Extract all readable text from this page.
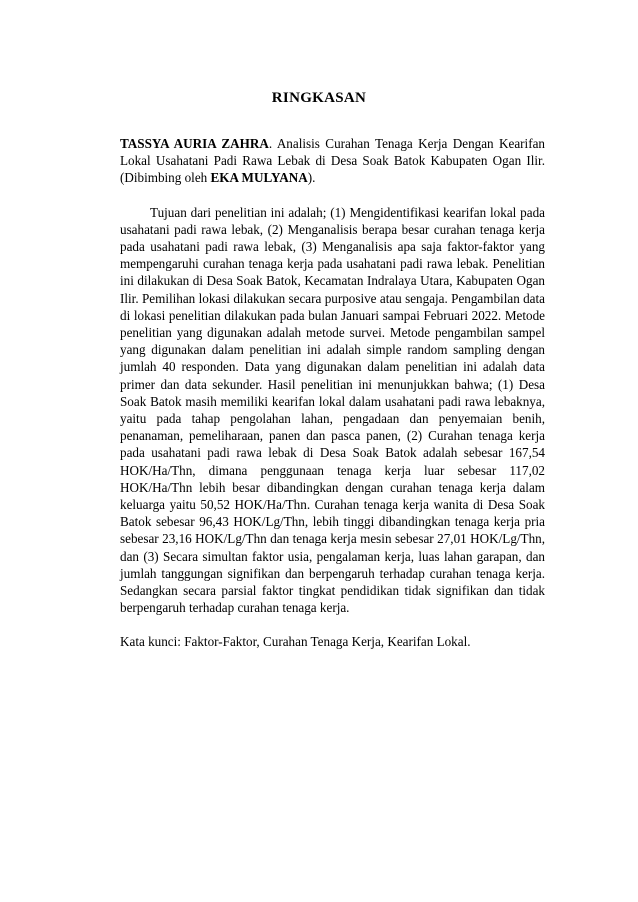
RINGKASAN

TASSYA AURIA ZAHRA. Analisis Curahan Tenaga Kerja Dengan Kearifan Lokal Usahatani Padi Rawa Lebak di Desa Soak Batok Kabupaten Ogan Ilir. (Dibimbing oleh EKA MULYANA).

Tujuan dari penelitian ini adalah; (1) Mengidentifikasi kearifan lokal pada usahatani padi rawa lebak, (2) Menganalisis berapa besar curahan tenaga kerja pada usahatani padi rawa lebak, (3) Menganalisis apa saja faktor-faktor yang mempengaruhi curahan tenaga kerja pada usahatani padi rawa lebak. Penelitian ini dilakukan di Desa Soak Batok, Kecamatan Indralaya Utara, Kabupaten Ogan Ilir. Pemilihan lokasi dilakukan secara purposive atau sengaja. Pengambilan data di lokasi penelitian dilakukan pada bulan Januari sampai Februari 2022. Metode penelitian yang digunakan adalah metode survei. Metode pengambilan sampel yang digunakan dalam penelitian ini adalah simple random sampling dengan jumlah 40 responden. Data yang digunakan dalam penelitian ini adalah data primer dan data sekunder. Hasil penelitian ini menunjukkan bahwa; (1) Desa Soak Batok masih memiliki kearifan lokal dalam usahatani padi rawa lebaknya, yaitu pada tahap pengolahan lahan, pengadaan dan penyemaian benih, penanaman, pemeliharaan, panen dan pasca panen, (2) Curahan tenaga kerja pada usahatani padi rawa lebak di Desa Soak Batok adalah sebesar 167,54 HOK/Ha/Thn, dimana penggunaan tenaga kerja luar sebesar 117,02 HOK/Ha/Thn lebih besar dibandingkan dengan curahan tenaga kerja dalam keluarga yaitu 50,52 HOK/Ha/Thn. Curahan tenaga kerja wanita di Desa Soak Batok sebesar 96,43 HOK/Lg/Thn, lebih tinggi dibandingkan tenaga kerja pria sebesar 23,16 HOK/Lg/Thn dan tenaga kerja mesin sebesar 27,01 HOK/Lg/Thn, dan (3) Secara simultan faktor usia, pengalaman kerja, luas lahan garapan, dan jumlah tanggungan signifikan dan berpengaruh terhadap curahan tenaga kerja. Sedangkan secara parsial faktor tingkat pendidikan tidak signifikan dan tidak berpengaruh terhadap curahan tenaga kerja.

Kata kunci: Faktor-Faktor, Curahan Tenaga Kerja, Kearifan Lokal.
